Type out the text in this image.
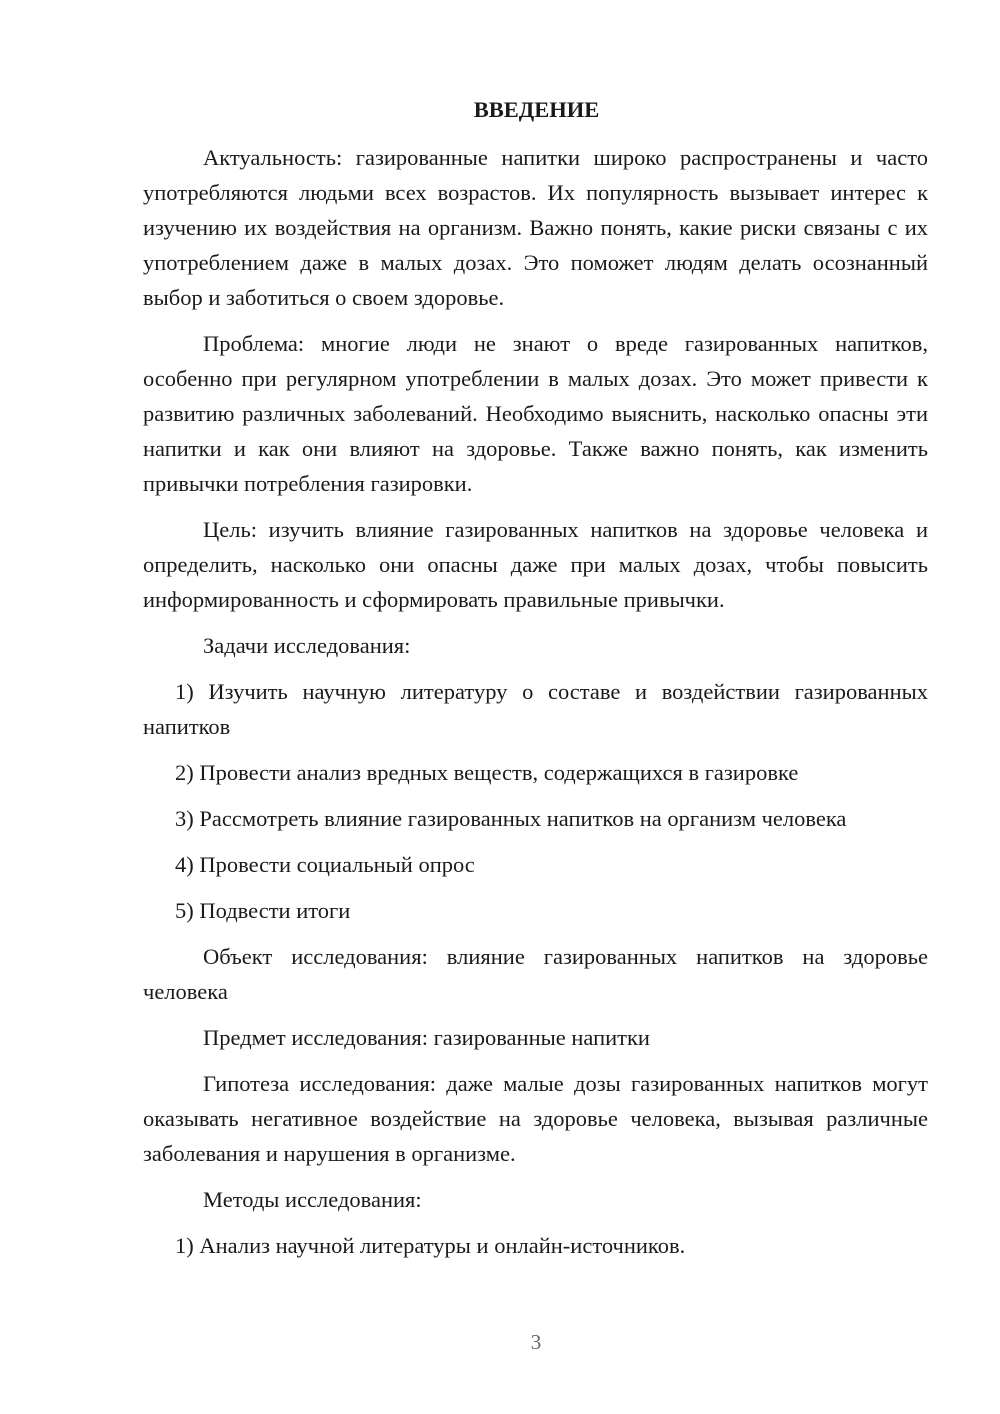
ВВЕДЕНИЕ
Актуальность: газированные напитки широко распространены и часто употребляются людьми всех возрастов. Их популярность вызывает интерес к изучению их воздействия на организм. Важно понять, какие риски связаны с их употреблением даже в малых дозах. Это поможет людям делать осознанный выбор и заботиться о своем здоровье.
Проблема: многие люди не знают о вреде газированных напитков, особенно при регулярном употреблении в малых дозах. Это может привести к развитию различных заболеваний. Необходимо выяснить, насколько опасны эти напитки и как они влияют на здоровье. Также важно понять, как изменить привычки потребления газировки.
Цель: изучить влияние газированных напитков на здоровье человека и определить, насколько они опасны даже при малых дозах, чтобы повысить информированность и сформировать правильные привычки.
Задачи исследования:
1) Изучить научную литературу о составе и воздействии газированных напитков
2) Провести анализ вредных веществ, содержащихся в газировке
3) Рассмотреть влияние газированных напитков на организм человека
4) Провести социальный опрос
5) Подвести итоги
Объект исследования: влияние газированных напитков на здоровье человека
Предмет исследования: газированные напитки
Гипотеза исследования: даже малые дозы газированных напитков могут оказывать негативное воздействие на здоровье человека, вызывая различные заболевания и нарушения в организме.
Методы исследования:
1) Анализ научной литературы и онлайн-источников.
3
